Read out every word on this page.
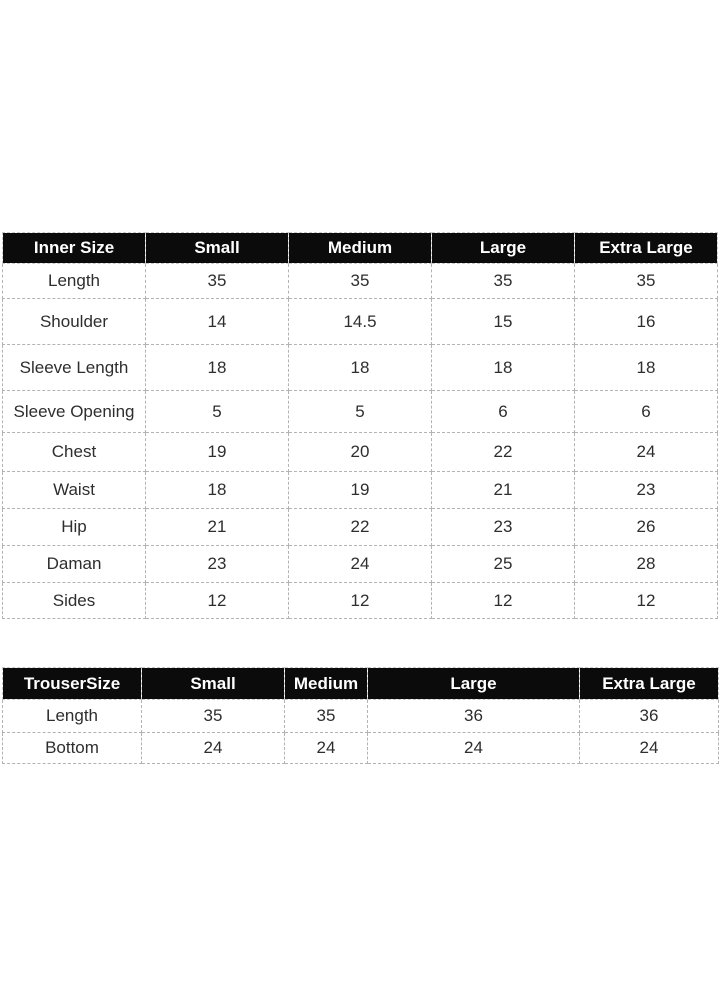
Inner Size	Small	Medium	Large	Extra Large
Length	35	35	35	35
Shoulder	14	14.5	15	16
Sleeve Length	18	18	18	18
Sleeve Opening	5	5	6	6
Chest	19	20	22	24
Waist	18	19	21	23
Hip	21	22	23	26
Daman	23	24	25	28
Sides	12	12	12	12
TrouserSize	Small	Medium	Large	Extra Large
Length	35	35	36	36
Bottom	24	24	24	24
